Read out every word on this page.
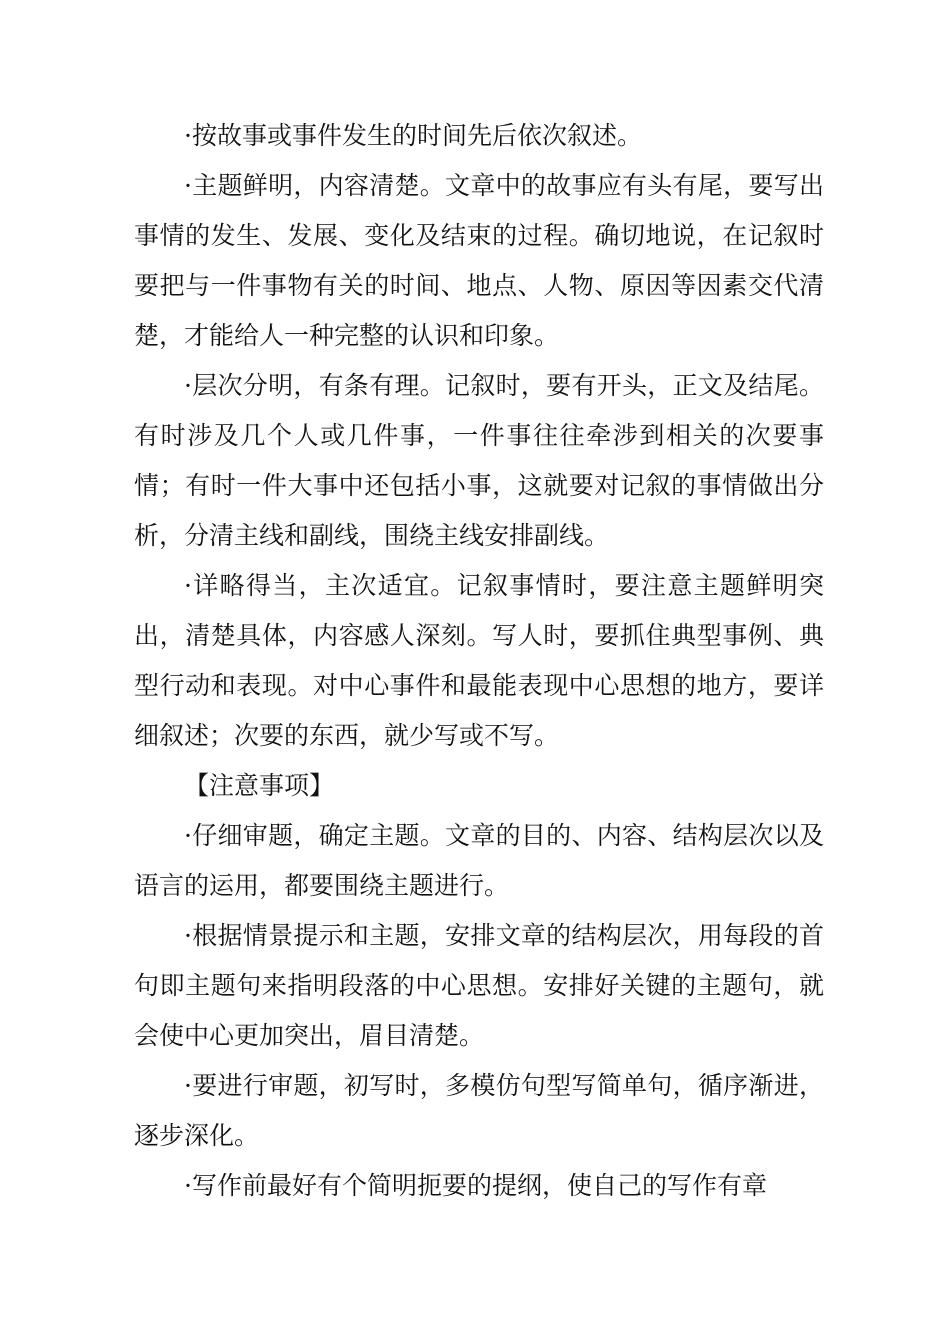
·按故事或事件发生的时间先后依次叙述。

·主题鲜明，内容清楚。文章中的故事应有头有尾，要写出事情的发生、发展、变化及结束的过程。确切地说，在记叙时要把与一件事物有关的时间、地点、人物、原因等因素交代清楚，才能给人一种完整的认识和印象。

·层次分明，有条有理。记叙时，要有开头，正文及结尾。有时涉及几个人或几件事，一件事往往牵涉到相关的次要事情；有时一件大事中还包括小事，这就要对记叙的事情做出分析，分清主线和副线，围绕主线安排副线。

·详略得当，主次适宜。记叙事情时，要注意主题鲜明突出，清楚具体，内容感人深刻。写人时，要抓住典型事例、典型行动和表现。对中心事件和最能表现中心思想的地方，要详细叙述；次要的东西，就少写或不写。

【注意事项】

·仔细审题，确定主题。文章的目的、内容、结构层次以及语言的运用，都要围绕主题进行。

·根据情景提示和主题，安排文章的结构层次，用每段的首句即主题句来指明段落的中心思想。安排好关键的主题句，就会使中心更加突出，眉目清楚。

·要进行审题，初写时，多模仿句型写简单句，循序渐进，逐步深化。

·写作前最好有个简明扼要的提纲，使自己的写作有章
